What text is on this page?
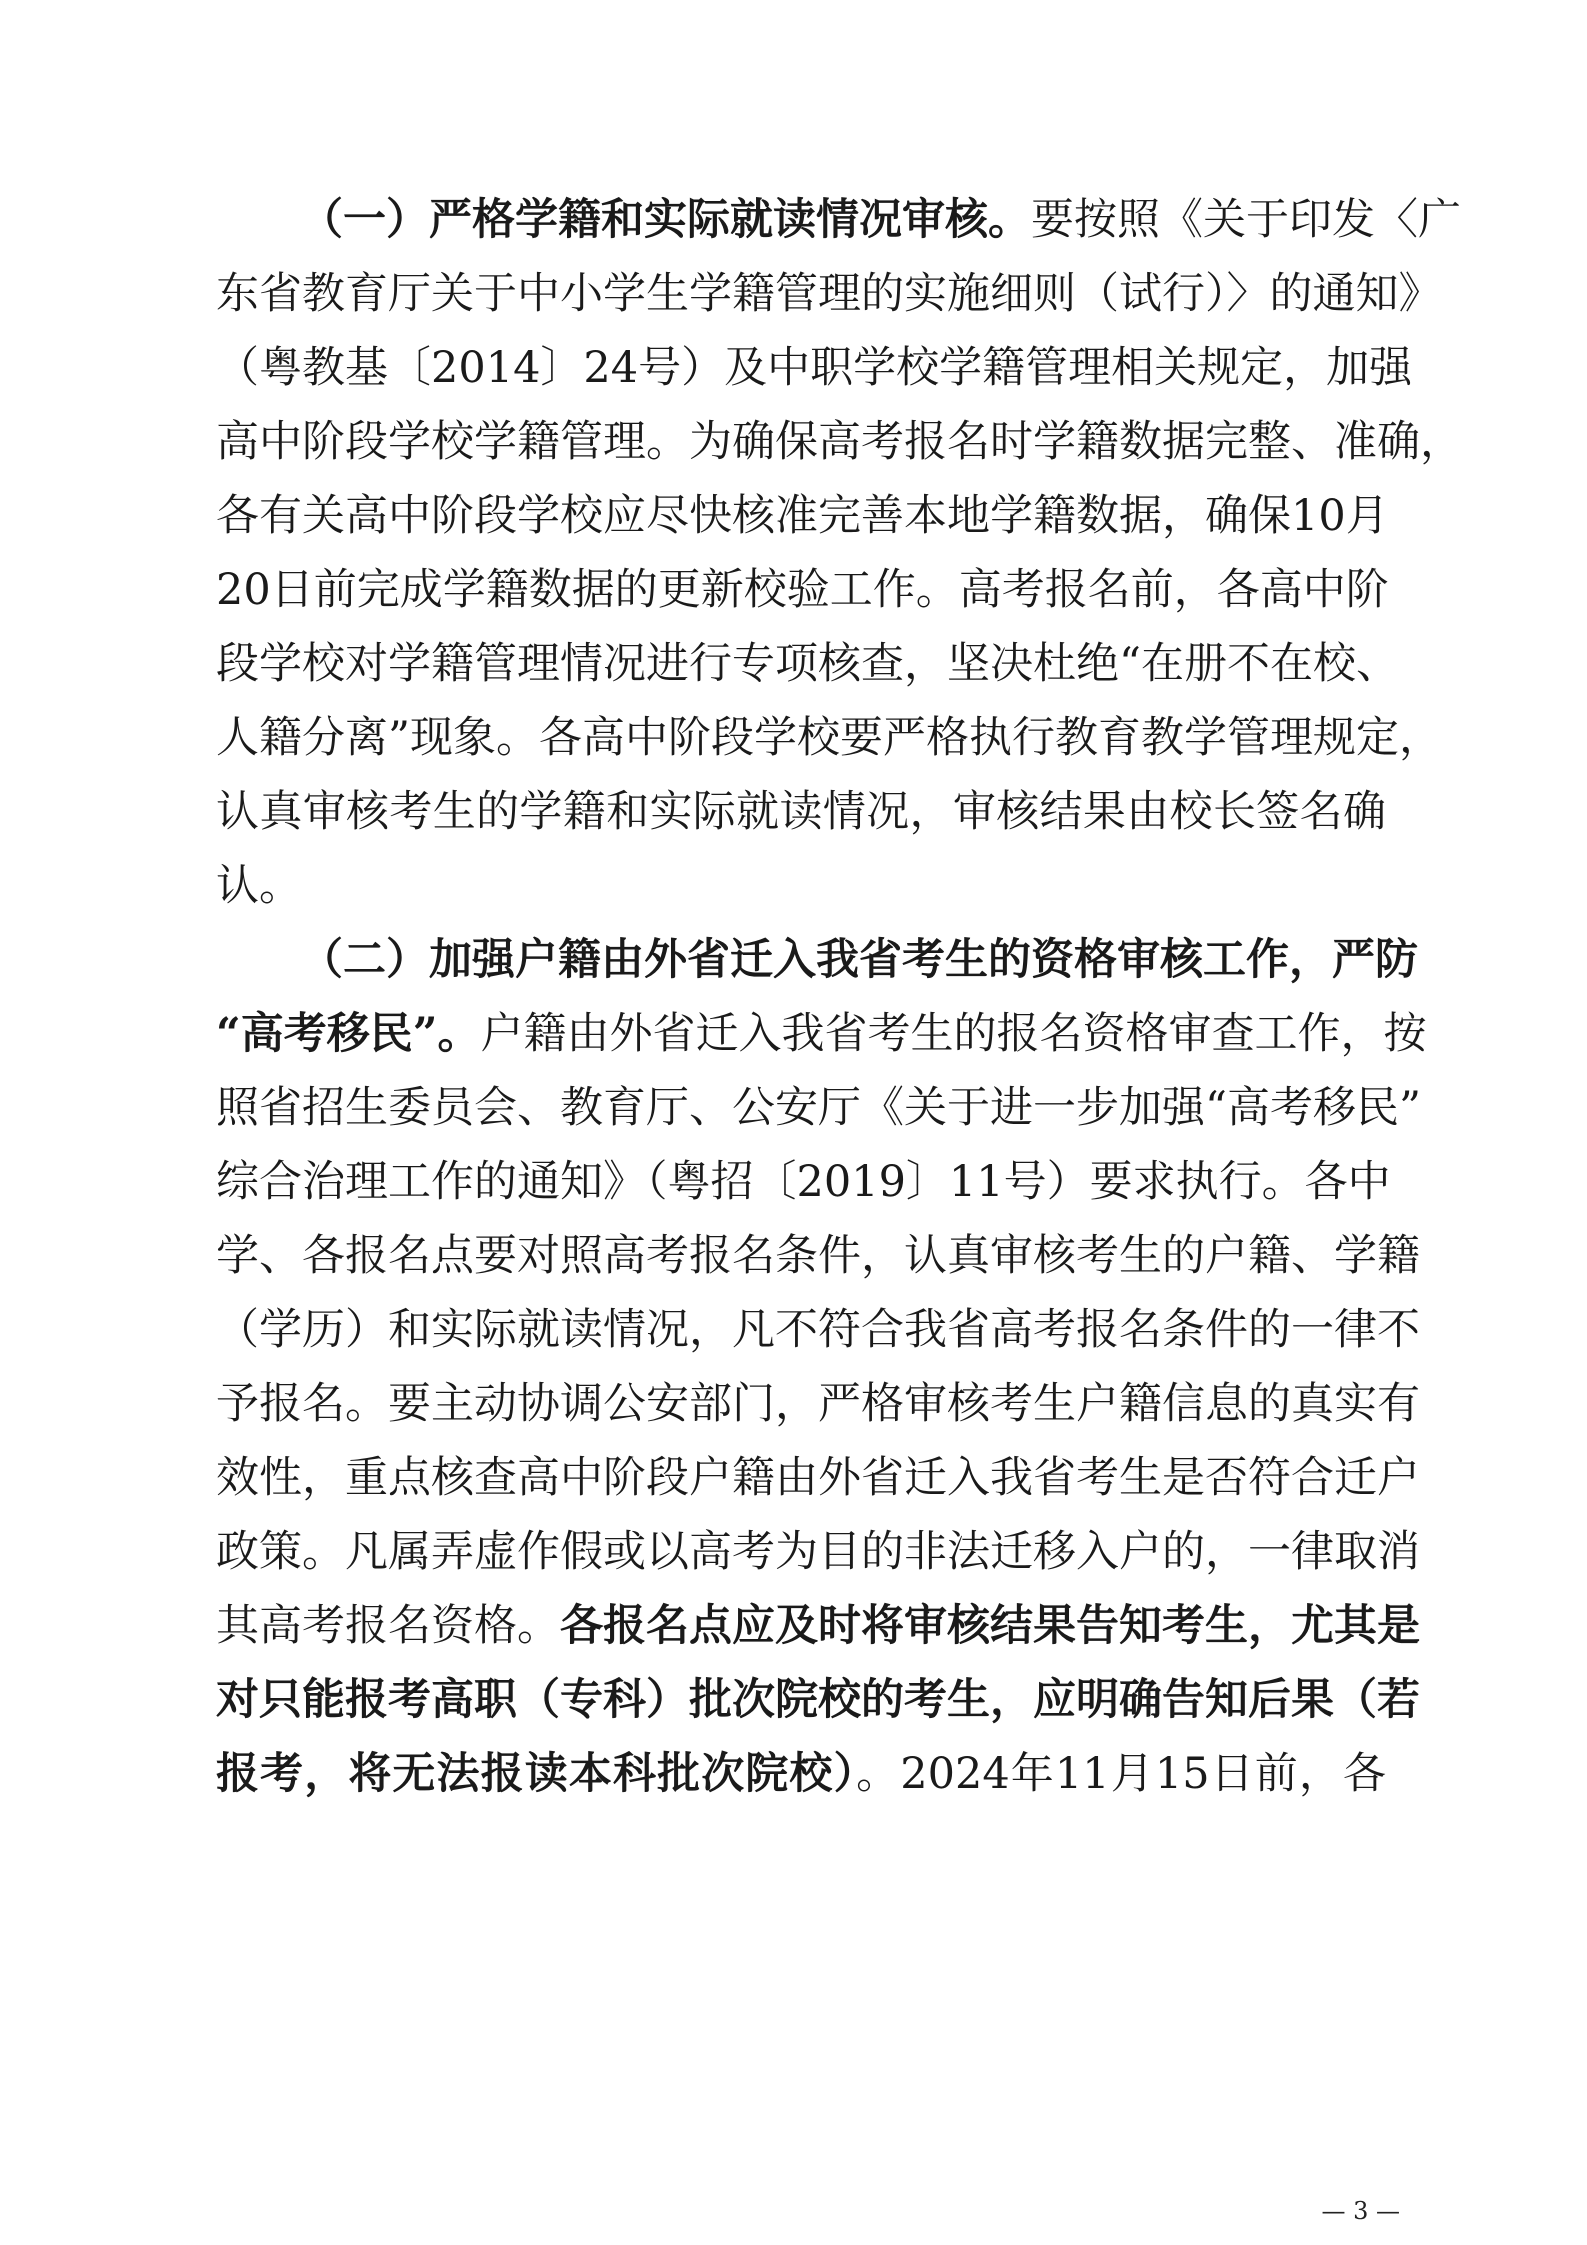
（一）严格学籍和实际就读情况审核。要按照《关于印发〈广
东省教育厅关于中小学生学籍管理的实施细则（试行）〉的通知》
（粤教基〔2014〕24号）及中职学校学籍管理相关规定，加强
高中阶段学校学籍管理。为确保高考报名时学籍数据完整、准确，
各有关高中阶段学校应尽快核准完善本地学籍数据，确保10月
20日前完成学籍数据的更新校验工作。高考报名前，各高中阶
段学校对学籍管理情况进行专项核查，坚决杜绝“在册不在校、
人籍分离”现象。各高中阶段学校要严格执行教育教学管理规定，
认真审核考生的学籍和实际就读情况，审核结果由校长签名确
认。
（二）加强户籍由外省迁入我省考生的资格审核工作，严防
“高考移民”。户籍由外省迁入我省考生的报名资格审查工作，按
照省招生委员会、教育厅、公安厅《关于进一步加强“高考移民”
综合治理工作的通知》（粤招〔2019〕11号）要求执行。各中
学、各报名点要对照高考报名条件，认真审核考生的户籍、学籍
（学历）和实际就读情况，凡不符合我省高考报名条件的一律不
予报名。要主动协调公安部门，严格审核考生户籍信息的真实有
效性，重点核查高中阶段户籍由外省迁入我省考生是否符合迁户
政策。凡属弄虚作假或以高考为目的非法迁移入户的，一律取消
其高考报名资格。各报名点应及时将审核结果告知考生，尤其是
对只能报考高职（专科）批次院校的考生，应明确告知后果（若
报考，将无法报读本科批次院校）。2024年11月15日前，各
— 3 —
